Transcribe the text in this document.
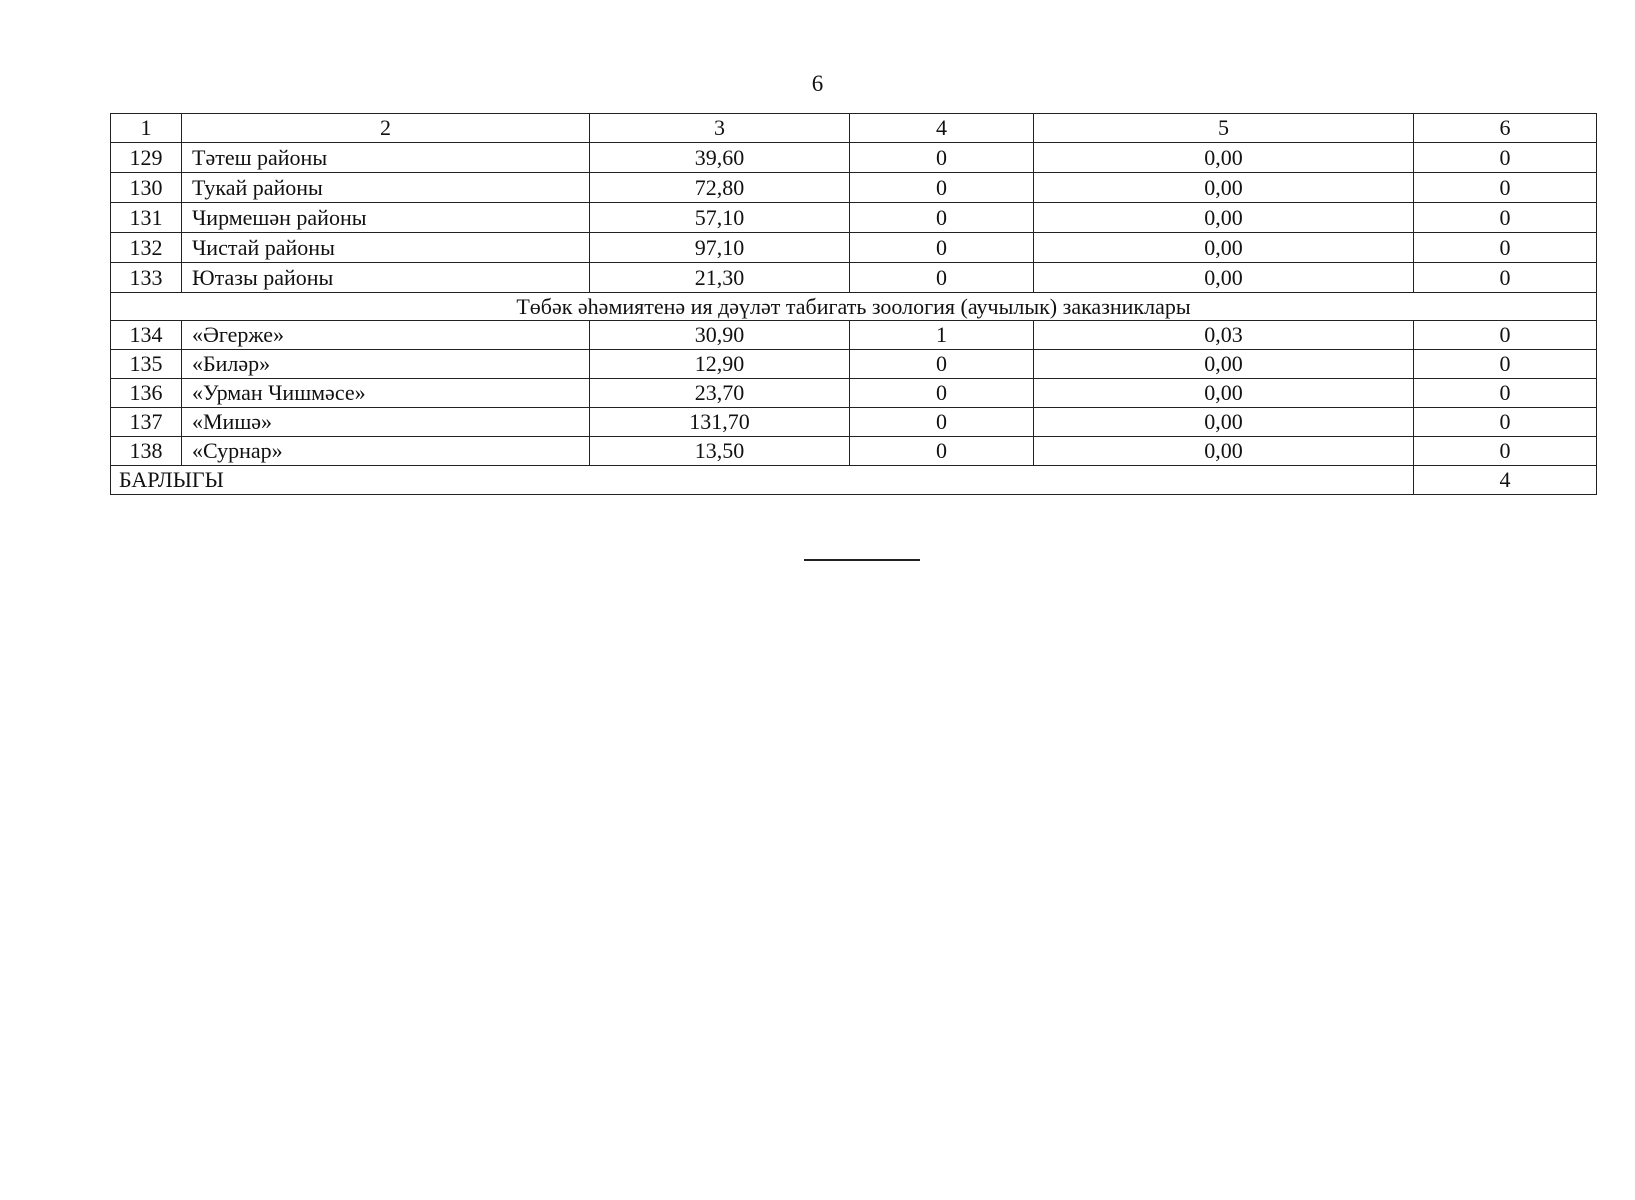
6
1	2	3	4	5	6
129	Тәтеш районы	39,60	0	0,00	0
130	Тукай районы	72,80	0	0,00	0
131	Чирмешән районы	57,10	0	0,00	0
132	Чистай районы	97,10	0	0,00	0
133	Ютазы районы	21,30	0	0,00	0
Төбәк әһәмиятенә ия дәүләт табигать зоология (аучылык) заказниклары					
134	«Әгерже»	30,90	1	0,03	0
135	«Биләр»	12,90	0	0,00	0
136	«Урман Чишмәсе»	23,70	0	0,00	0
137	«Мишә»	131,70	0	0,00	0
138	«Сурнар»	13,50	0	0,00	0
БАРЛЫГЫ					4
